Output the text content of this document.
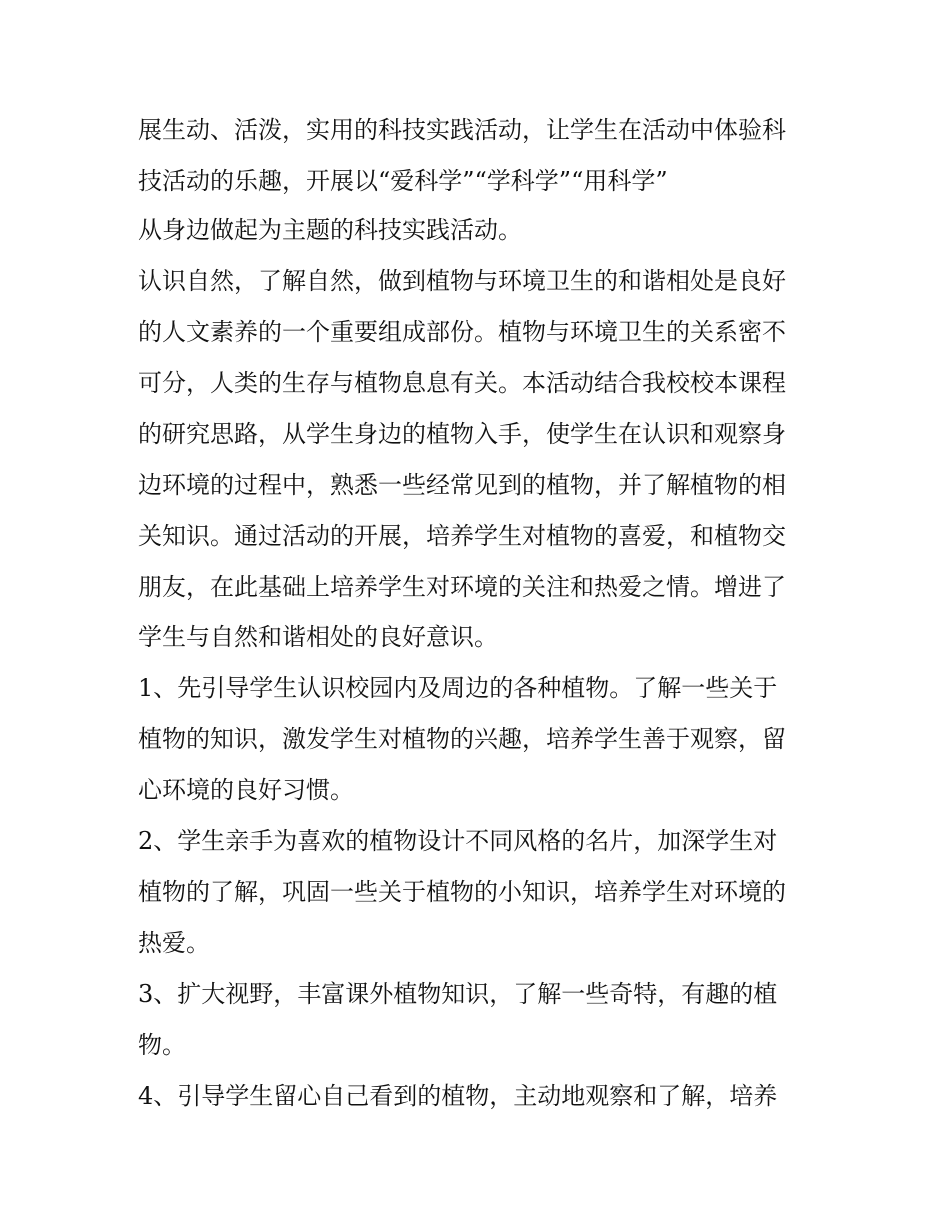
展生动、活泼，实用的科技实践活动，让学生在活动中体验科
技活动的乐趣，开展以“爱科学”“学科学”“用科学”
从身边做起为主题的科技实践活动。
认识自然，了解自然，做到植物与环境卫生的和谐相处是良好
的人文素养的一个重要组成部份。植物与环境卫生的关系密不
可分，人类的生存与植物息息有关。本活动结合我校校本课程
的研究思路，从学生身边的植物入手，使学生在认识和观察身
边环境的过程中，熟悉一些经常见到的植物，并了解植物的相
关知识。通过活动的开展，培养学生对植物的喜爱，和植物交
朋友，在此基础上培养学生对环境的关注和热爱之情。增进了
学生与自然和谐相处的良好意识。
1、先引导学生认识校园内及周边的各种植物。了解一些关于
植物的知识，激发学生对植物的兴趣，培养学生善于观察，留
心环境的良好习惯。
2、学生亲手为喜欢的植物设计不同风格的名片，加深学生对
植物的了解，巩固一些关于植物的小知识，培养学生对环境的
热爱。
3、扩大视野，丰富课外植物知识，了解一些奇特，有趣的植
物。
4、引导学生留心自己看到的植物，主动地观察和了解，培养
